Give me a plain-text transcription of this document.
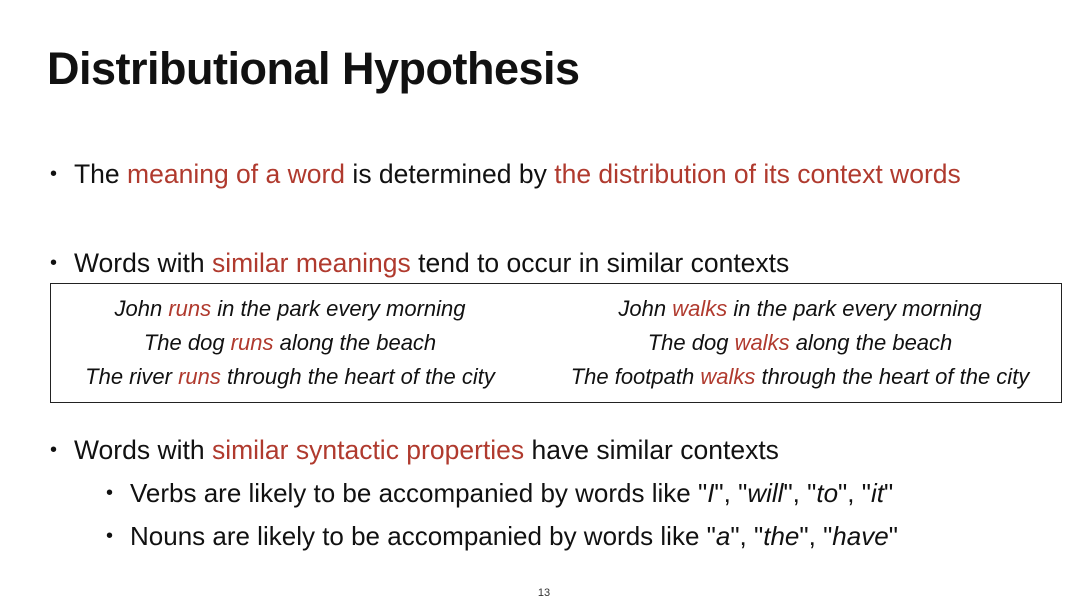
Distributional Hypothesis
• The meaning of a word is determined by the distribution of its context words
• Words with similar meanings tend to occur in similar contexts
John runs in the park every morning
The dog runs along the beach
The river runs through the heart of the city
John walks in the park every morning
The dog walks along the beach
The footpath walks through the heart of the city
• Words with similar syntactic properties have similar contexts
• Verbs are likely to be accompanied by words like "I", "will", "to", "it"
• Nouns are likely to be accompanied by words like "a", "the", "have"
13
